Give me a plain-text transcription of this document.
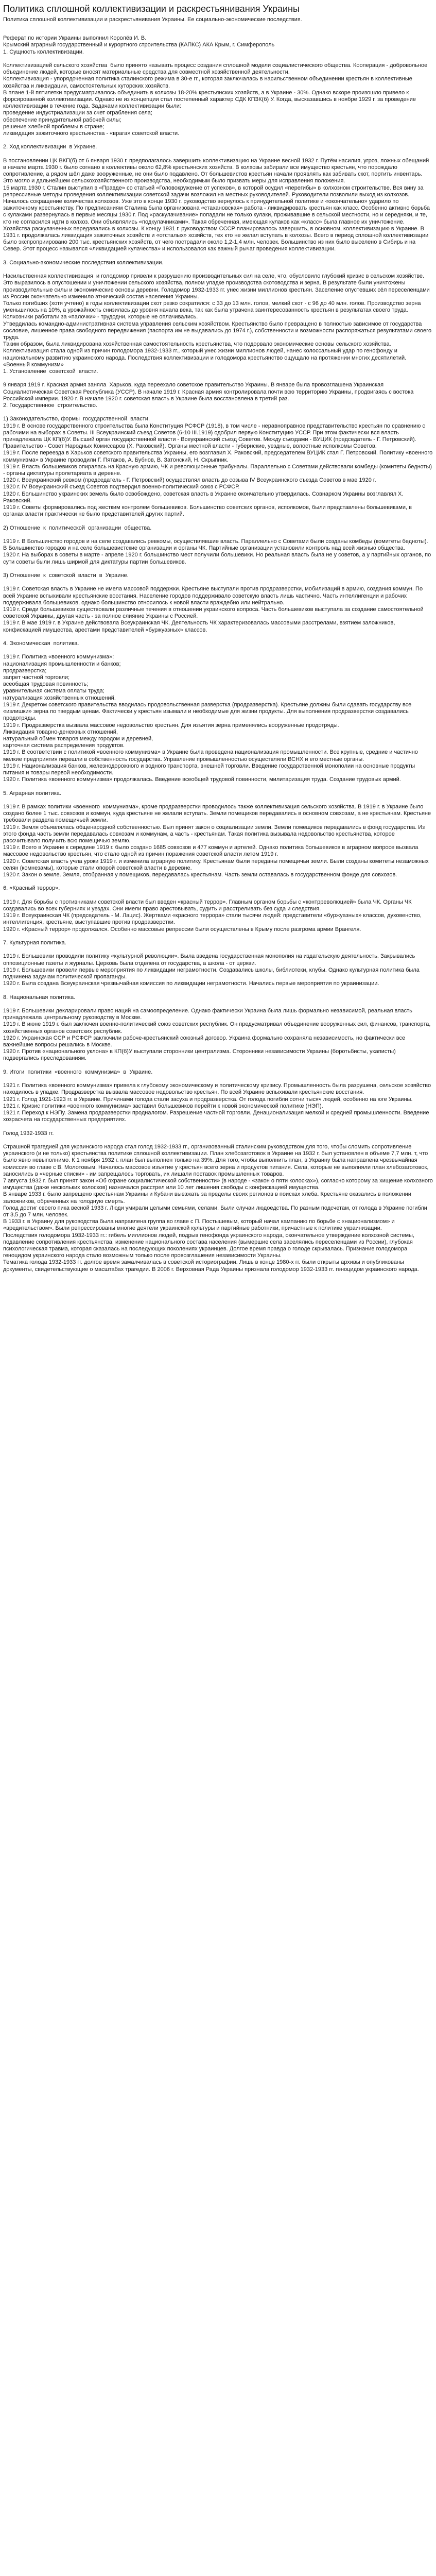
Политика сплошной коллективизации и раскрестьянивания Украины
Политика сплошной коллективизации и раскрестьянивания Украины. Ее социально-экономические последствия.

Реферат по истории Украины выполнил Королёв И. В.

Крымский аграрный государственный и курортного строительства (КАПКС) АКА Крым, г. Симферополь

1. Сущность коллективизации.

Коллективизацией сельского хозяйства  было принято называть процесс создания сплошной модели социалистического общества. Кооперация - добровольное объединение людей, которые вносят материальные средства для совместной хозяйственной деятельности.

Коллективизация - упорядоченная политика сталинского режима в 30-е гг., которая заключалась в насильственном объединении крестьян в коллективные хозяйства и ликвидации, самостоятельных хуторских хозяйств.

В плане 1-й пятилетки предусматривалось объединить в колхозы 18-20% крестьянских хозяйств, а в Украине - 30%. Однако вскоре произошло привело к форсированной коллективизации. Однако не из концепции стал постепенный характер СДК КПЗК(б) У. Когда, высказавшись в ноябре 1929 г. за проведение коллективизации в течение года. Задачами коллективизации были:

проведение индустриализации за счет ограбления села;

обеспечение принудительной рабочей силы;

решение хлебной проблемы в стране;

ликвидация зажиточного крестьянства - «врага» советской власти.

2. Ход коллективизации  в Украине.

В постановлении ЦК ВКП(б) от 6 января 1930 г. предполагалось завершить коллективизацию на Украине весной 1932 г. Путём насилия, угроз, ложных обещаний в начале марта 1930 г. было согнано в коллективы около 62,8% крестьянских хозяйств. В колхозы забирали все имущество крестьян, что порождало сопротивление, а рядом шёл даже вооруженные, не они было подавлено. От большевистов крестьян начали проявлять как забивать скот, портить инвентарь. Это могло и дальнейшем сельскохозяйственного производства, необходимым было призвать меры для исправления положения.

15 марта 1930 г. Сталин выступил в «Правде» со статьей «Головокружение от успехов», в которой осудил «перегибы» в колхозном строительстве. Вся вину за репрессивные методы проведения коллективизации советской задачи возложил на местных руководителей. Руководители позволили выход из колхозов. Началось сокращение количества колхозов. Уже это в конце 1930 г. руководство вернулось к принудительной политике и «окончательно» ударило по зажиточному крестьянству. По предписаниям Сталина была организована «стахановская» работа - ликвидировать крестьян как класс. Особенно активно борьба с кулаками развернулась в первые месяцы 1930 г. Под «раскулачивание» попадали не только кулаки, проживавшие в сельской местности, но и середняки, и те, кто не согласился идти в колхоз. Они объявлялись «подкулачниками». Такая обреченная, имеющая кулаков как «класс» была главное их уничтожение. Хозяйства раскулаченных передавались в колхозы. К концу 1931 г. руководством СССР планировалось завершить, в основном, коллективизацию в Украине. В 1931 г. продолжалась ликвидация зажиточных хозяйств и «отсталых» хозяйств, тех кто не желал вступать в колхозы. Всего в период сплошной коллективизации было экспроприировано 200 тыс. крестьянских хозяйств, от чего пострадали около 1,2-1,4 млн. человек. Большинство из них было выселено в Сибирь и на Север. Этот процесс назывался «ликвидацией кулачества» и использовался как важный рычаг проведения коллективизации.

3. Социально-экономические последствия коллективизации.

Насильственная коллективизация  и голодомор привели к разрушению производительных сил на селе, что, обусловило глубокий кризис в сельском хозяйстве. Это выразилось в опустошении и уничтожении сельского хозяйства, полном упадке производства скотоводства и зерна. В результате были уничтожены производительные силы и экономические основы деревни. Голодомор 1932-1933 гг. унес жизни миллионов крестьян. Заселение опустевших сёл переселенцами из России окончательно изменило этнический состав населения Украины.

Только погибших (хотя учтено) в годы коллективизации скот резко сократился: с 33 до 13 млн. голов, мелкий скот - с 96 до 40 млн. голов. Производство зерна уменьшилось на 10%, а урожайность снизилась до уровня начала века, так как была утрачена заинтересованность крестьян в результатах своего труда. Колхозники работали за «палочки» - трудодни, которые не оплачивались.

Утвердилась командно-административная система управления сельским хозяйством. Крестьянство было превращено в полностью зависимое от государства сословие, лишенное права свободного передвижения (паспорта им не выдавались до 1974 г.), собственности и возможности распоряжаться результатами своего труда.

Таким образом, была ликвидирована хозяйственная самостоятельность крестьянства, что подорвало экономические основы сельского хозяйства. Коллективизация стала одной из причин голодомора 1932-1933 гг., который унес жизни миллионов людей, нанес колоссальный удар по генофонду и национальному развитию украинского народа. Последствия коллективизации и голодомора крестьянство ощущало на протяжении многих десятилетий.

«Военный коммунизм»

1. Установление  советской  власти.

9 января 1919 г. Красная армия заняла  Харьков, куда переехало советское правительство Украины. В январе была провозглашена Украинская Социалистическая Советская Республика (УССР). В начале 1919 г. Красная армия контролировала почти всю территорию Украины, продвигаясь с востока Российской империи. 1920 г. В начале 1920 г. советская власть в Украине была восстановлена в третий раз.

2. Государственное  строительство.

1) Законодательство, формы  государственной  власти.

1919 г. В основе государственного строительства была Конституция РСФСР (1918), в том числе - неравноправное представительство крестьян по сравнению с рабочими на выборах в Советы. III Всеукраинский съезд Советов (6-10 III.1919) одобрил первую Конституцию УССР. При этом фактически вся власть принадлежала ЦК КП(б)У. Высший орган государственной власти - Всеукраинский съезд Советов. Между съездами - ВУЦИК (председатель - Г. Петровский). Правительство - Совет Народных Комиссаров (Х. Раковский). Органы местной власти - губернские, уездные, волостные исполкомы Советов.

1919 г. После переезда в Харьков советского правительства Украины, его возглавил Х. Раковский, председателем ВУЦИК стал Г. Петровский. Политику «военного коммунизма» в Украине проводили Г. Пятаков, А. Бубнов, В. Затонский, Н. Скрыпник.

1919 г. Власть большевиков опиралась на Красную армию, ЧК и революционные трибуналы. Параллельно с Советами действовали комбеды (комитеты бедноты) - органы диктатуры пролетариата в деревне.

1920 г. Всеукраинский ревком (председатель - Г. Петровский) осуществлял власть до созыва IV Всеукраинского съезда Советов в мае 1920 г.

1920 г. IV Всеукраинский съезд Советов подтвердил военно-политический союз с РСФСР.

1920 г. Большинство украинских земель было освобождено, советская власть в Украине окончательно утвердилась. Совнарком Украины возглавлял Х. Раковский.

1919 г. Советы формировались под жестким контролем большевиков. Большинство советских органов, исполкомов, были представлены большевиками, в органах власти практически не было представителей других партий.

2) Отношение  к  политической  организации  общества.

1919 г. В Большинство городов и на селе создавались ревкомы, осуществлявшие власть. Параллельно с Советами были созданы комбеды (комитеты бедноты). В Большинство городов и на селе большевистские организации и органы ЧК. Партийные организации установили контроль над всей жизнью общества.

1920 г. На выборах в советы в марте - апреле 1920 г. большинство мест получили большевики. Но реальная власть была не у советов, а у партийных органов, по сути советы были лишь ширмой для диктатуры партии большевиков.

3) Отношение  к  советской  власти  в  Украине.

1919 г. Советская власть в Украине не имела массовой поддержки. Крестьяне выступали против продразверстки, мобилизаций в армию, создания коммун. По всей Украине вспыхивали крестьянские восстания. Население городов поддерживало советскую власть лишь частично. Часть интеллигенции и рабочих поддерживала большевиков, однако большинство относилось к новой власти враждебно или нейтрально.

1919 г. Среди большевиков существовали различные течения в отношении украинского вопроса. Часть большевиков выступала за создание самостоятельной советской Украины, другая часть - за полное слияние Украины с Россией.

1919 г. В мае 1919 г. в Украине действовала Всеукраинская ЧК. Деятельность ЧК характеризовалась массовыми расстрелами, взятием заложников, конфискацией имущества, арестами представителей «буржуазных» классов.

4. Экономическая  политика.

1919 г. Политика «военного коммунизма»:

национализация промышленности и банков;

продразверстка;

запрет частной торговли;

всеобщая трудовая повинность;

уравнительная система оплаты труда;

натурализация хозяйственных отношений.

1919 г. Декретом советского правительства вводилась продовольственная разверстка (продразверстка). Крестьяне должны были сдавать государству все «излишки» зерна по твердым ценам. Фактически у крестьян изымали и необходимые для жизни продукты. Для выполнения продразверстки создавались продотряды.

1919 г. Продразверстка вызвала массовое недовольство крестьян. Для изъятия зерна применялись вооруженные продотряды.

Ликвидация товарно-денежных отношений,

натуральный обмен товаров между городом и деревней,

карточная система распределения продуктов.

1919 г. В соответствии с политикой «военного коммунизма» в Украине была проведена национализация промышленности. Все крупные, средние и частично мелкие предприятия перешли в собственность государства. Управление промышленностью осуществляли ВСНХ и его местные органы.

1919 г. Национализация банков, железнодорожного и водного транспорта, внешней торговли. Введение государственной монополии на основные продукты питания и товары первой необходимости.

1920 г. Политика «военного коммунизма» продолжалась. Введение всеобщей трудовой повинности, милитаризация труда. Создание трудовых армий.

5. Аграрная политика.

1919 г. В рамках политики «военного  коммунизма», кроме продразверстки проводилось также коллективизация сельского хозяйства. В 1919 г. в Украине было создано более 1 тыс. совхозов и коммун, куда крестьяне не желали вступать. Земли помещиков передавались в основном совхозам, а не крестьянам. Крестьяне требовали раздела помещичьей земли.

1919 г. Земля объявлялась общенародной собственностью. Был принят закон о социализации земли. Земли помещиков передавались в фонд государства. Из этого фонда часть земли передавалась совхозам и коммунам, а часть - крестьянам. Такая политика вызывала недовольство крестьянства, которое рассчитывало получить всю помещичью землю.

1919 г. Всего в Украине к середине 1919 г. было создано 1685 совхозов и 477 коммун и артелей. Однако политика большевиков в аграрном вопросе вызвала массовое недовольство крестьян, что стало одной из причин поражения советской власти летом 1919 г.

1920 г. Советская власть учла уроки 1919 г. и изменила аграрную политику. Крестьянам были переданы помещичьи земли. Были созданы комитеты незаможных селян (комнезамы), которые стали опорой советской власти в деревне.

1920 г. Закон о земле. Земля, отобранная у помещиков, передавалась крестьянам. Часть земли оставалась в государственном фонде для совхозов.

6. «Красный террор».

1919 г. Для борьбы с противниками советской власти был введен «красный террор». Главным органом борьбы с «контрреволюцией» была ЧК. Органы ЧК создавались во всех губерниях и уездах. Они имели право арестовывать, судить и расстреливать без суда и следствия.

1919 г. Всеукраинская ЧК (председатель - М. Лацис). Жертвами «красного террора» стали тысячи людей: представители «буржуазных» классов, духовенство, интеллигенция, крестьяне, выступавшие против продразверстки.

1920 г. «Красный террор» продолжался. Особенно массовые репрессии были осуществлены в Крыму после разгрома армии Врангеля.

7. Культурная политика.

1919 г. Большевики проводили политику «культурной революции». Была введена государственная монополия на издательскую деятельность. Закрывались оппозиционные газеты и журналы. Церковь была отделена от государства, а школа - от церкви.

1919 г. Большевики провели первые мероприятия по ликвидации неграмотности. Создавались школы, библиотеки, клубы. Однако культурная политика была подчинена задачам политической пропаганды.

1920 г. Была создана Всеукраинская чрезвычайная комиссия по ликвидации неграмотности. Начались первые мероприятия по украинизации.

8. Национальная политика.

1919 г. Большевики декларировали право наций на самоопределение. Однако фактически Украина была лишь формально независимой, реальная власть принадлежала центральному руководству в Москве.

1919 г. В июне 1919 г. был заключен военно-политический союз советских республик. Он предусматривал объединение вооруженных сил, финансов, транспорта, хозяйственных органов советских республик.

1920 г. Украинская ССР и РСФСР заключили рабоче-крестьянский союзный договор. Украина формально сохраняла независимость, но фактически все важнейшие вопросы решались в Москве.

1920 г. Против «национального уклона» в КП(б)У выступали сторонники централизма. Сторонники независимости Украины (боротьбисты, укаписты) подвергались преследованиям.

9. Итоги  политики  «военного  коммунизма»  в  Украине.

1921 г. Политика «военного коммунизма» привела к глубокому экономическому и политическому кризису. Промышленность была разрушена, сельское хозяйство находилось в упадке. Продразверстка вызвала массовое недовольство крестьян. По всей Украине вспыхивали крестьянские восстания.

1921 г. Голод 1921-1923 гг. в Украине. Причинами голода стали засуха и продразверстка. От голода погибли сотни тысяч людей, особенно на юге Украины.

1921 г. Кризис политики «военного коммунизма» заставил большевиков перейти к новой экономической политике (НЭП).

1921 г. Переход к НЭПу. Замена продразверстки продналогом. Разрешение частной торговли. Денационализация мелкой и средней промышленности. Введение хозрасчета на государственных предприятиях.

Голод 1932-1933 гг.

Страшной трагедией для украинского народа стал голод 1932-1933 гг., организованный сталинским руководством для того, чтобы сломить сопротивление  украинского (и не только) крестьянства политике сплошной коллективизации. План хлебозаготовок в Украине на 1932 г. был установлен в объеме 7,7 млн. т, что было явно невыполнимо. К 1 ноября 1932 г. план был выполнен только на 39%. Для того, чтобы выполнить план, в Украину была направлена чрезвычайная комиссия во главе с В. Молотовым. Началось массовое изъятие у крестьян всего зерна и продуктов питания. Села, которые не выполняли план хлебозаготовок, заносились в «черные списки» - им запрещалось торговать, их лишали поставок промышленных товаров.

7 августа 1932 г. был принят закон «Об охране социалистической собственности» (в народе - «закон о пяти колосках»), согласно которому за хищение колхозного имущества (даже нескольких колосков) назначался расстрел или 10 лет лишения свободы с конфискацией имущества.

В январе 1933 г. было запрещено крестьянам Украины и Кубани выезжать за пределы своих регионов в поисках хлеба. Крестьяне оказались в положении заложников, обреченных на голодную смерть.

Голод достиг своего пика весной 1933 г. Люди умирали целыми семьями, селами. Были случаи людоедства. По разным подсчетам, от голода в Украине погибли от 3,5 до 7 млн. человек.

В 1933 г. в Украину для руководства была направлена группа во главе с П. Постышевым, который начал кампанию по борьбе с «национализмом» и «вредительством». Были репрессированы многие деятели украинской культуры и партийные работники, причастные к политике украинизации.

Последствия голодомора 1932-1933 гг.: гибель миллионов людей, подрыв генофонда украинского народа, окончательное утверждение колхозной системы, подавление сопротивления крестьянства, изменение национального состава населения (вымершие села заселялись переселенцами из России), глубокая психологическая травма, которая сказалась на последующих поколениях украинцев. Долгое время правда о голоде скрывалась. Признание голодомора геноцидом украинского народа стало возможным только после провозглашения независимости Украины.

Тематика голода 1932-1933 гг. долгое время замалчивалась в советской историографии. Лишь в конце 1980-х гг. были открыты архивы и опубликованы документы, свидетельствующие о масштабах трагедии. В 2006 г. Верховная Рада Украины признала голодомор 1932-1933 гг. геноцидом украинского народа.
